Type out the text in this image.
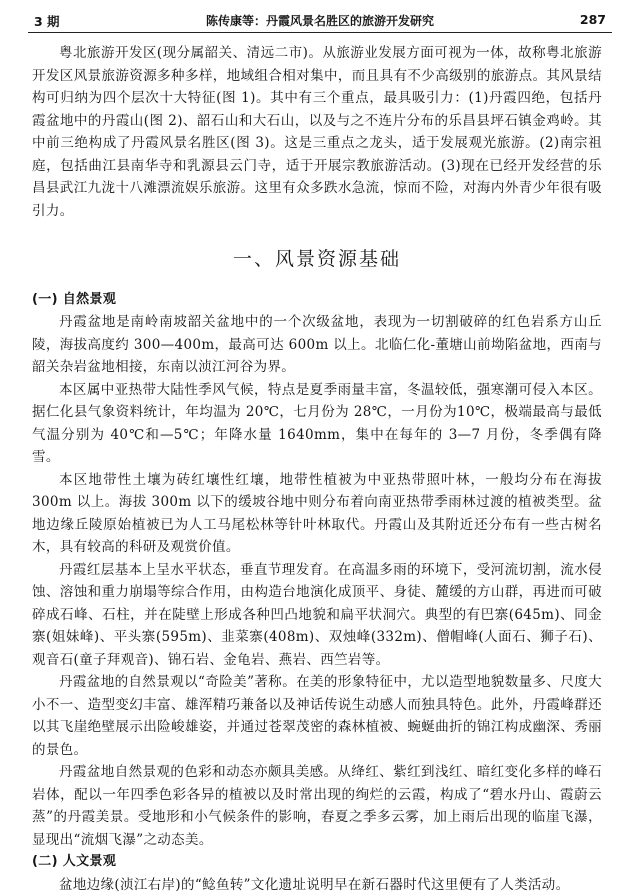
3 期	陈传康等：丹霞风景名胜区的旅游开发研究	287

粤北旅游开发区(现分属韶关、清远二市)。从旅游业发展方面可视为一体，故称粤北旅游开发区风景旅游资源多种多样，地域组合相对集中，而且具有不少高级别的旅游点。其风景结构可归纳为四个层次十大特征(图 1)。其中有三个重点，最具吸引力：(1)丹霞四绝，包括丹霞盆地中的丹霞山(图 2)、韶石山和大石山，以及与之不连片分布的乐昌县坪石镇金鸡岭。其中前三绝构成了丹霞风景名胜区(图 3)。这是三重点之龙头，适于发展观光旅游。(2)南宗祖庭，包括曲江县南华寺和乳源县云门寺，适于开展宗教旅游活动。(3)现在已经开发经营的乐昌县武江九泷十八滩漂流娱乐旅游。这里有众多跌水急流，惊而不险，对海内外青少年很有吸引力。

一、风景资源基础

(一) 自然景观

丹霞盆地是南岭南坡韶关盆地中的一个次级盆地，表现为一切割破碎的红色岩系方山丘陵，海拔高度约 300—400m，最高可达 600m 以上。北临仁化-董塘山前坳陷盆地，西南与韶关杂岩盆地相接，东南以浈江河谷为界。

本区属中亚热带大陆性季风气候，特点是夏季雨量丰富，冬温较低，强寒潮可侵入本区。据仁化县气象资料统计，年均温为 20℃，七月份为 28℃，一月份为10℃，极端最高与最低气温分别为 40℃和—5℃；年降水量 1640mm，集中在每年的 3—7 月份，冬季偶有降雪。

本区地带性土壤为砖红壤性红壤，地带性植被为中亚热带照叶林，一般均分布在海拔 300m 以上。海拔 300m 以下的缓坡谷地中则分布着向南亚热带季雨林过渡的植被类型。盆地边缘丘陵原始植被已为人工马尾松林等针叶林取代。丹霞山及其附近还分布有一些古树名木，具有较高的科研及观赏价值。

丹霞红层基本上呈水平状态，垂直节理发育。在高温多雨的环境下，受河流切割，流水侵蚀、溶蚀和重力崩塌等综合作用，由构造台地演化成顶平、身徒、麓缓的方山群，再进而可破碎成石峰、石柱，并在陡壁上形成各种凹凸地貌和扁平状洞穴。典型的有巴寨(645m)、同金寨(姐妹峰)、平头寨(595m)、韭菜寨(408m)、双烛峰(332m)、僧帽峰(人面石、狮子石)、观音石(童子拜观音)、锦石岩、金龟岩、燕岩、西竺岩等。

丹霞盆地的自然景观以“奇险美”著称。在美的形象特征中，尤以造型地貌数量多、尺度大小不一、造型变幻丰富、雄浑精巧兼备以及神话传说生动感人而独具特色。此外，丹霞峰群还以其飞崖绝壁展示出险峻雄姿，并通过苍翠茂密的森林植被、蜿蜒曲折的锦江构成幽深、秀丽的景色。

丹霞盆地自然景观的色彩和动态亦颇具美感。从绛红、紫红到浅红、暗红变化多样的峰石岩体，配以一年四季色彩各异的植被以及时常出现的绚烂的云霞，构成了“碧水丹山、霞蔚云蒸”的丹霞美景。受地形和小气候条件的影响，春夏之季多云雾，加上雨后出现的临崖飞瀑，显现出“流烟飞瀑”之动态美。

(二) 人文景观

盆地边缘(浈江右岸)的“鲶鱼转”文化遗址说明早在新石器时代这里便有了人类活动。
